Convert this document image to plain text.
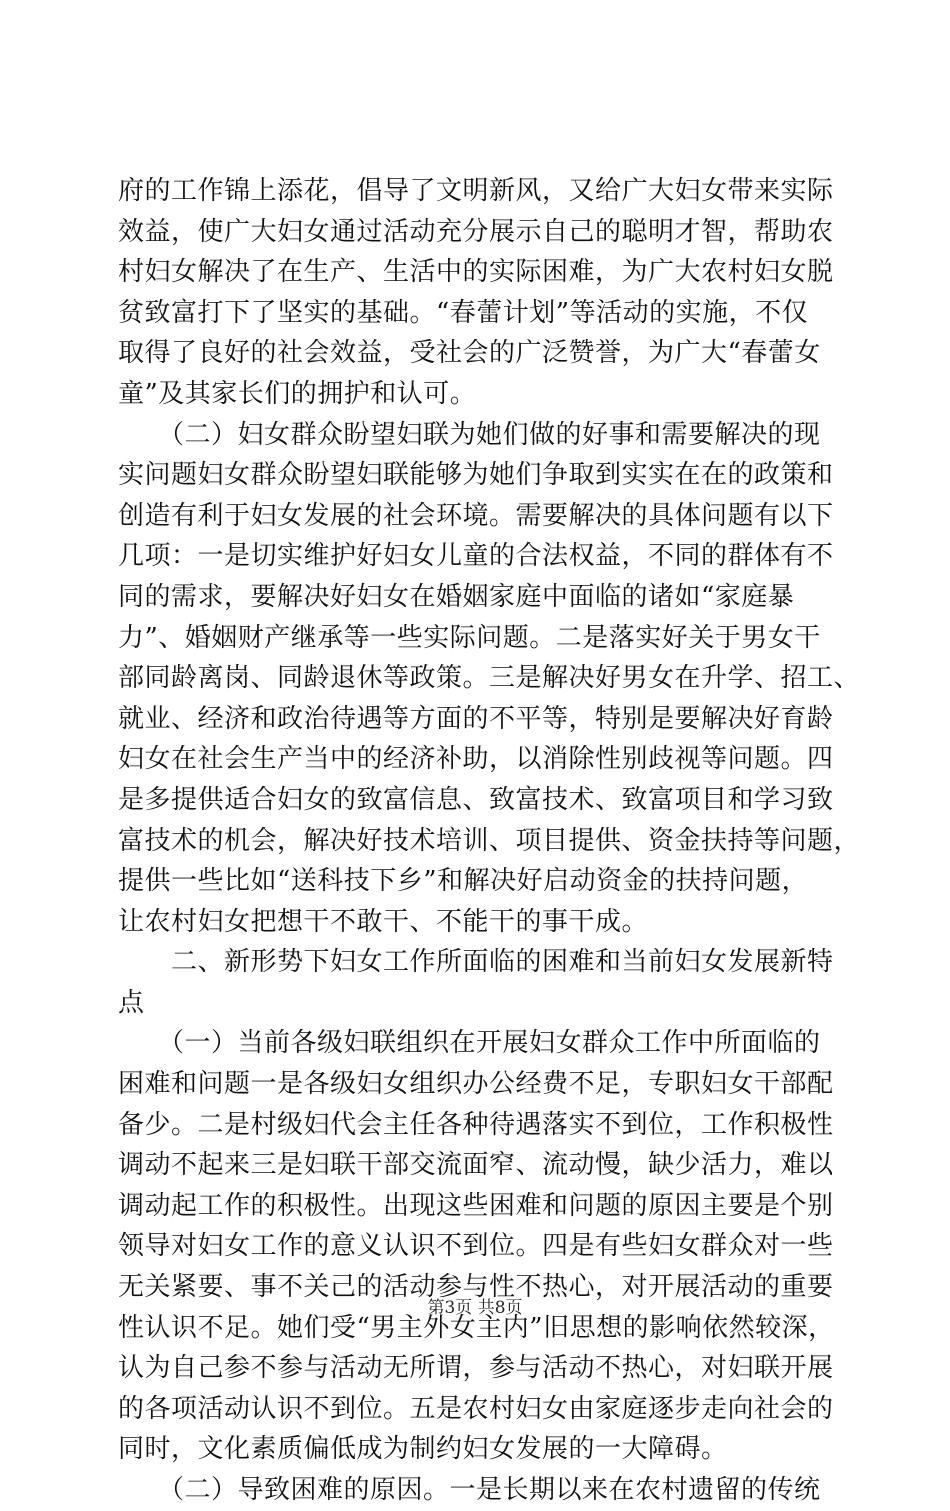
府的工作锦上添花，倡导了文明新风，又给广大妇女带来实际
效益，使广大妇女通过活动充分展示自己的聪明才智，帮助农
村妇女解决了在生产、生活中的实际困难，为广大农村妇女脱
贫致富打下了坚实的基础。“春蕾计划”等活动的实施，不仅
取得了良好的社会效益，受社会的广泛赞誉，为广大“春蕾女
童”及其家长们的拥护和认可。
　　（二）妇女群众盼望妇联为她们做的好事和需要解决的现
实问题妇女群众盼望妇联能够为她们争取到实实在在的政策和
创造有利于妇女发展的社会环境。需要解决的具体问题有以下
几项：一是切实维护好妇女儿童的合法权益，不同的群体有不
同的需求，要解决好妇女在婚姻家庭中面临的诸如“家庭暴
力”、婚姻财产继承等一些实际问题。二是落实好关于男女干
部同龄离岗、同龄退休等政策。三是解决好男女在升学、招工、
就业、经济和政治待遇等方面的不平等，特别是要解决好育龄
妇女在社会生产当中的经济补助，以消除性别歧视等问题。四
是多提供适合妇女的致富信息、致富技术、致富项目和学习致
富技术的机会，解决好技术培训、项目提供、资金扶持等问题，
提供一些比如“送科技下乡”和解决好启动资金的扶持问题，
让农村妇女把想干不敢干、不能干的事干成。
　　二、新形势下妇女工作所面临的困难和当前妇女发展新特
点
　　（一）当前各级妇联组织在开展妇女群众工作中所面临的
困难和问题一是各级妇女组织办公经费不足，专职妇女干部配
备少。二是村级妇代会主任各种待遇落实不到位，工作积极性
调动不起来三是妇联干部交流面窄、流动慢，缺少活力，难以
调动起工作的积极性。出现这些困难和问题的原因主要是个别
领导对妇女工作的意义认识不到位。四是有些妇女群众对一些
无关紧要、事不关己的活动参与性不热心，对开展活动的重要
性认识不足。她们受“男主外女主内”旧思想的影响依然较深，
认为自己参不参与活动无所谓，参与活动不热心，对妇联开展
的各项活动认识不到位。五是农村妇女由家庭逐步走向社会的
同时，文化素质偏低成为制约妇女发展的一大障碍。
　　（二）导致困难的原因。一是长期以来在农村遗留的传统
第3页 共8页
